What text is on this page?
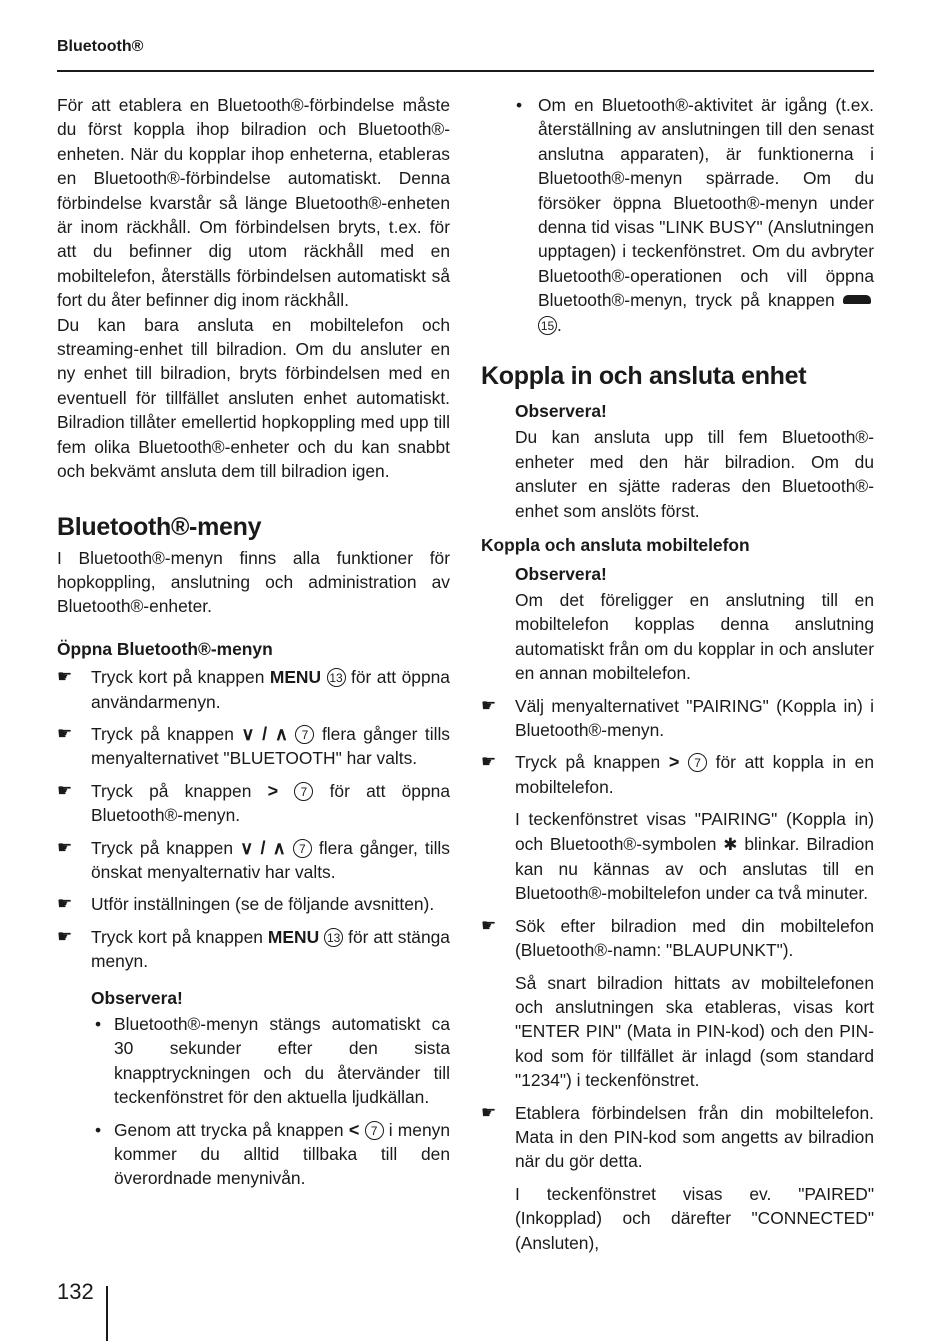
Bluetooth®

För att etablera en Bluetooth®-förbindelse måste du först koppla ihop bilradion och Bluetooth®-enheten. När du kopplar ihop enheterna, etableras en Bluetooth®-förbindelse automatiskt. Denna förbindelse kvarstår så länge Bluetooth®-enheten är inom räckhåll. Om förbindelsen bryts, t.ex. för att du befinner dig utom räckhåll med en mobiltelefon, återställs förbindelsen automatiskt så fort du åter befinner dig inom räckhåll.

Du kan bara ansluta en mobiltelefon och streaming-enhet till bilradion. Om du ansluter en ny enhet till bilradion, bryts förbindelsen med en eventuell för tillfället ansluten enhet automatiskt. Bilradion tillåter emellertid hopkoppling med upp till fem olika Bluetooth®-enheter och du kan snabbt och bekvämt ansluta dem till bilradion igen.

Bluetooth®-meny

I Bluetooth®-menyn finns alla funktioner för hopkoppling, anslutning och administration av Bluetooth®-enheter.

Öppna Bluetooth®-menyn

☛ Tryck kort på knappen MENU 13 för att öppna användarmenyn.

☛ Tryck på knappen ∨ / ∧ 7 flera gånger tills menyalternativet "BLUETOOTH" har valts.

☛ Tryck på knappen > 7 för att öppna Bluetooth®-menyn.

☛ Tryck på knappen ∨ / ∧ 7 flera gånger, tills önskat menyalternativ har valts.

☛ Utför inställningen (se de följande avsnitten).

☛ Tryck kort på knappen MENU 13 för att stänga menyn.

Observera!

• Bluetooth®-menyn stängs automatiskt ca 30 sekunder efter den sista knapptryckningen och du återvänder till teckenfönstret för den aktuella ljudkällan.

• Genom att trycka på knappen < 7 i menyn kommer du alltid tillbaka till den överordnade menynivån.

• Om en Bluetooth®-aktivitet är igång (t.ex. återställning av anslutningen till den senast anslutna apparaten), är funktionerna i Bluetooth®-menyn spärrade. Om du försöker öppna Bluetooth®-menyn under denna tid visas "LINK BUSY" (Anslutningen upptagen) i teckenfönstret. Om du avbryter Bluetooth®-operationen och vill öppna Bluetooth®-menyn, tryck på knappen 15 .

Koppla in och ansluta enhet

Observera!

Du kan ansluta upp till fem Bluetooth®-enheter med den här bilradion. Om du ansluter en sjätte raderas den Bluetooth®-enhet som anslöts först.

Koppla och ansluta mobiltelefon

Observera!

Om det föreligger en anslutning till en mobiltelefon kopplas denna anslutning automatiskt från om du kopplar in och ansluter en annan mobiltelefon.

☛ Välj menyalternativet "PAIRING" (Koppla in) i Bluetooth®-menyn.

☛ Tryck på knappen > 7 för att koppla in en mobiltelefon.

I teckenfönstret visas "PAIRING" (Koppla in) och Bluetooth®-symbolen ✱ blinkar. Bilradion kan nu kännas av och anslutas till en Bluetooth®-mobiltelefon under ca två minuter.

☛ Sök efter bilradion med din mobiltelefon (Bluetooth®-namn: "BLAUPUNKT").

Så snart bilradion hittats av mobiltelefonen och anslutningen ska etableras, visas kort "ENTER PIN" (Mata in PIN-kod) och den PIN-kod som för tillfället är inlagd (som standard "1234") i teckenfönstret.

☛ Etablera förbindelsen från din mobiltelefon. Mata in den PIN-kod som angetts av bilradion när du gör detta.

I teckenfönstret visas ev. "PAIRED" (Inkopplad) och därefter "CONNECTED" (Ansluten),

132
